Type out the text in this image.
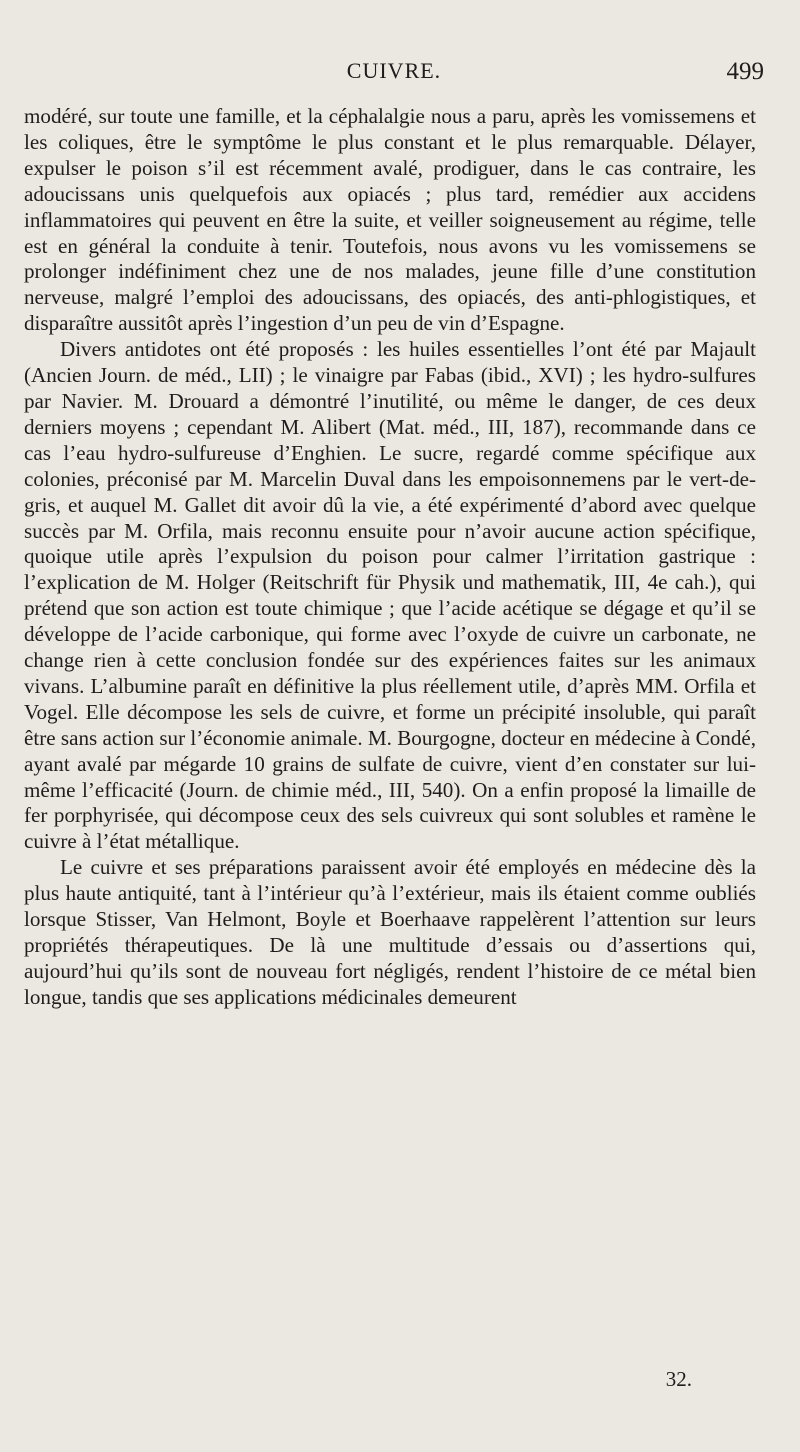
CUIVRE.	499

modéré, sur toute une famille, et la céphalalgie nous a paru, après les vomissemens et les coliques, être le symptôme le plus constant et le plus remarquable. Délayer, expulser le poison s’il est récemment avalé, prodiguer, dans le cas contraire, les adoucissans unis quelquefois aux opiacés ; plus tard, remédier aux accidens inflammatoires qui peuvent en être la suite, et veiller soigneusement au régime, telle est en général la conduite à tenir. Toutefois, nous avons vu les vomissemens se prolonger indéfiniment chez une de nos malades, jeune fille d’une constitution nerveuse, malgré l’emploi des adoucissans, des opiacés, des anti-phlogistiques, et disparaître aussitôt après l’ingestion d’un peu de vin d’Espagne.

Divers antidotes ont été proposés : les huiles essentielles l’ont été par Majault (Ancien Journ. de méd., LII) ; le vinaigre par Fabas (ibid., XVI) ; les hydro-sulfures par Navier. M. Drouard a démontré l’inutilité, ou même le danger, de ces deux derniers moyens ; cependant M. Alibert (Mat. méd., III, 187), recommande dans ce cas l’eau hydro-sulfureuse d’Enghien. Le sucre, regardé comme spécifique aux colonies, préconisé par M. Marcelin Duval dans les empoisonnemens par le vert-de-gris, et auquel M. Gallet dit avoir dû la vie, a été expérimenté d’abord avec quelque succès par M. Orfila, mais reconnu ensuite pour n’avoir aucune action spécifique, quoique utile après l’expulsion du poison pour calmer l’irritation gastrique : l’explication de M. Holger (Reitschrift für Physik und mathematik, III, 4e cah.), qui prétend que son action est toute chimique ; que l’acide acétique se dégage et qu’il se développe de l’acide carbonique, qui forme avec l’oxyde de cuivre un carbonate, ne change rien à cette conclusion fondée sur des expériences faites sur les animaux vivans. L’albumine paraît en définitive la plus réellement utile, d’après MM. Orfila et Vogel. Elle décompose les sels de cuivre, et forme un précipité insoluble, qui paraît être sans action sur l’économie animale. M. Bourgogne, docteur en médecine à Condé, ayant avalé par mégarde 10 grains de sulfate de cuivre, vient d’en constater sur lui-même l’efficacité (Journ. de chimie méd., III, 540). On a enfin proposé la limaille de fer porphyrisée, qui décompose ceux des sels cuivreux qui sont solubles et ramène le cuivre à l’état métallique.

Le cuivre et ses préparations paraissent avoir été employés en médecine dès la plus haute antiquité, tant à l’intérieur qu’à l’extérieur, mais ils étaient comme oubliés lorsque Stisser, Van Helmont, Boyle et Boerhaave rappelèrent l’attention sur leurs propriétés thérapeutiques. De là une multitude d’essais ou d’assertions qui, aujourd’hui qu’ils sont de nouveau fort négligés, rendent l’histoire de ce métal bien longue, tandis que ses applications médicinales demeurent

32.
